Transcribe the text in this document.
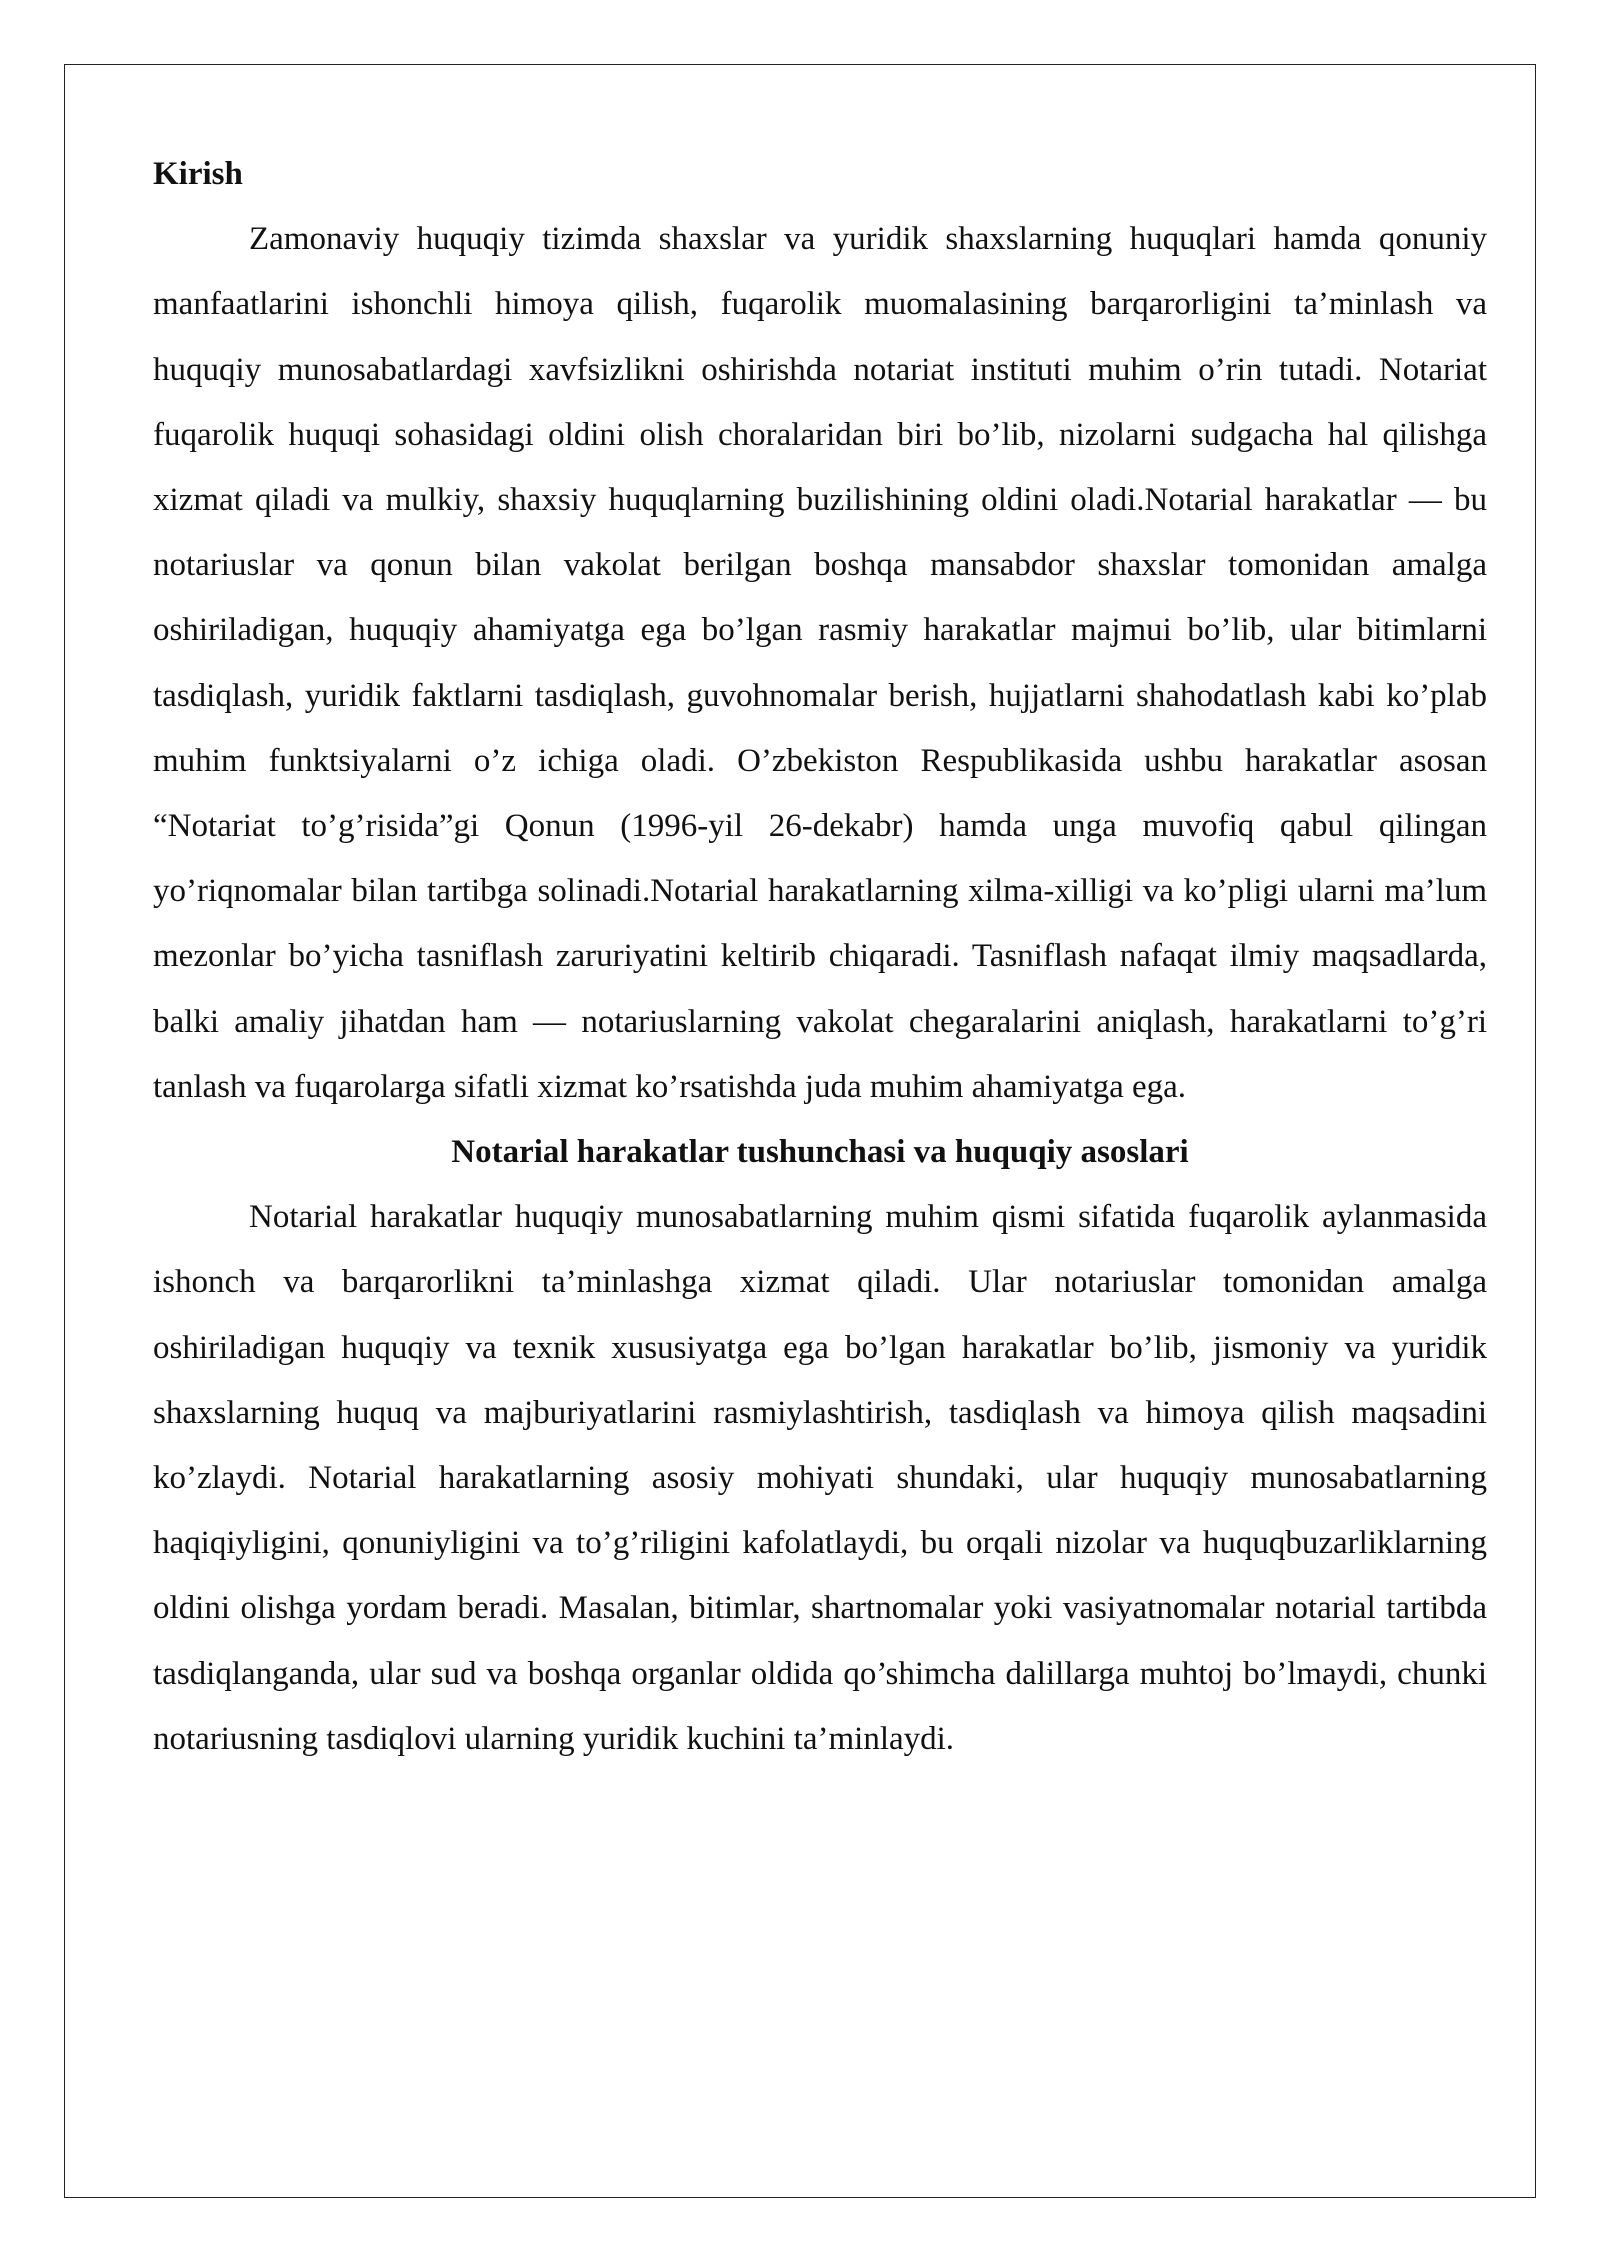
Kirish

Zamonaviy huquqiy tizimda shaxslar va yuridik shaxslarning huquqlari hamda qonuniy manfaatlarini ishonchli himoya qilish, fuqarolik muomalasining barqarorligini ta’minlash va huquqiy munosabatlardagi xavfsizlikni oshirishda notariat instituti muhim o’rin tutadi. Notariat fuqarolik huquqi sohasidagi oldini olish choralaridan biri bo’lib, nizolarni sudgacha hal qilishga xizmat qiladi va mulkiy, shaxsiy huquqlarning buzilishining oldini oladi.Notarial harakatlar — bu notariuslar va qonun bilan vakolat berilgan boshqa mansabdor shaxslar tomonidan amalga oshiriladigan, huquqiy ahamiyatga ega bo’lgan rasmiy harakatlar majmui bo’lib, ular bitimlarni tasdiqlash, yuridik faktlarni tasdiqlash, guvohnomalar berish, hujjatlarni shahodatlash kabi ko’plab muhim funktsiyalarni o’z ichiga oladi. O’zbekiston Respublikasida ushbu harakatlar asosan “Notariat to’g’risida”gi Qonun (1996-yil 26-dekabr) hamda unga muvofiq qabul qilingan yo’riqnomalar bilan tartibga solinadi.Notarial harakatlarning xilma-xilligi va ko’pligi ularni ma’lum mezonlar bo’yicha tasniflash zaruriyatini keltirib chiqaradi. Tasniflash nafaqat ilmiy maqsadlarda, balki amaliy jihatdan ham — notariuslarning vakolat chegaralarini aniqlash, harakatlarni to’g’ri tanlash va fuqarolarga sifatli xizmat ko’rsatishda juda muhim ahamiyatga ega.

Notarial harakatlar tushunchasi va huquqiy asoslari

Notarial harakatlar huquqiy munosabatlarning muhim qismi sifatida fuqarolik aylanmasida ishonch va barqarorlikni ta’minlashga xizmat qiladi. Ular notariuslar tomonidan amalga oshiriladigan huquqiy va texnik xususiyatga ega bo’lgan harakatlar bo’lib, jismoniy va yuridik shaxslarning huquq va majburiyatlarini rasmiylashtirish, tasdiqlash va himoya qilish maqsadini ko’zlaydi. Notarial harakatlarning asosiy mohiyati shundaki, ular huquqiy munosabatlarning haqiqiyligini, qonuniyligini va to’g’riligini kafolatlaydi, bu orqali nizolar va huquqbuzarliklarning oldini olishga yordam beradi. Masalan, bitimlar, shartnomalar yoki vasiyatnomalar notarial tartibda tasdiqlanganda, ular sud va boshqa organlar oldida qo’shimcha dalillarga muhtoj bo’lmaydi, chunki notariusning tasdiqlovi ularning yuridik kuchini ta’minlaydi.
